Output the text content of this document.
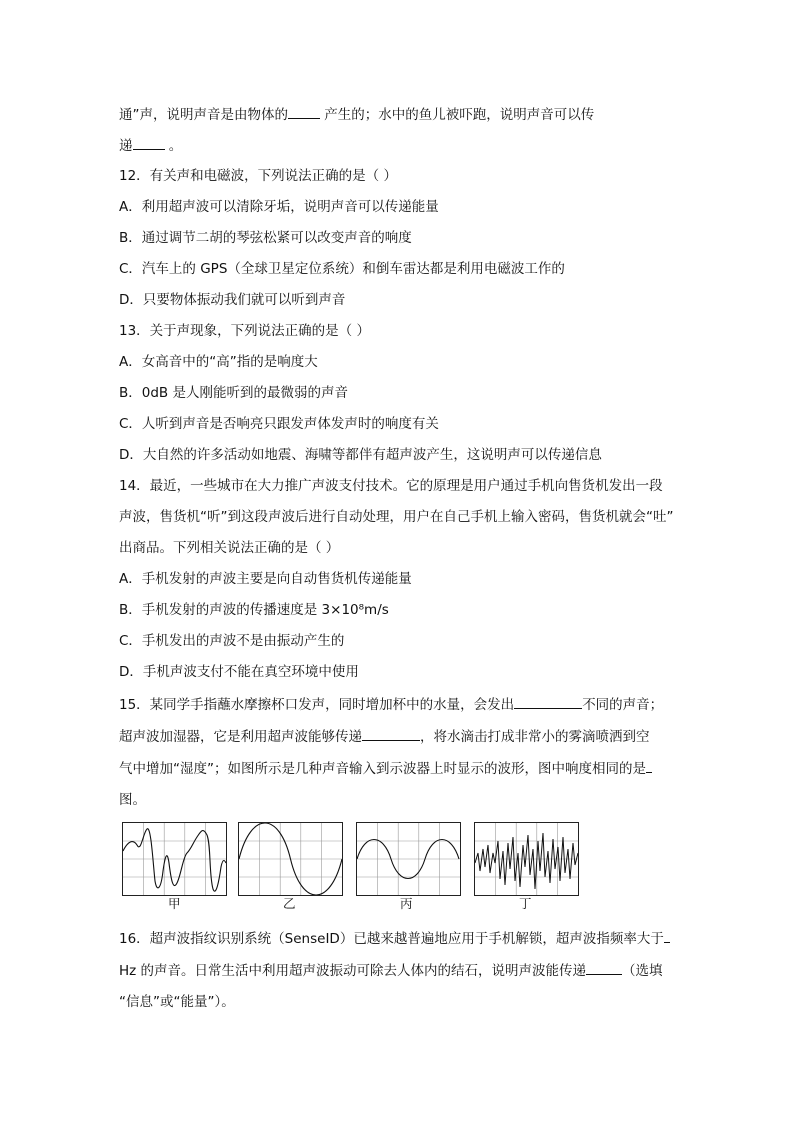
通”声，说明声音是由物体的 产生的；水中的鱼儿被吓跑，说明声音可以传
递 。
12．有关声和电磁波，下列说法正确的是（ ）
A．利用超声波可以清除牙垢，说明声音可以传递能量
B．通过调节二胡的琴弦松紧可以改变声音的响度
C．汽车上的 GPS（全球卫星定位系统）和倒车雷达都是利用电磁波工作的
D．只要物体振动我们就可以听到声音
13．关于声现象，下列说法正确的是（ ）
A．女高音中的“高”指的是响度大
B．0dB 是人刚能听到的最微弱的声音
C．人听到声音是否响亮只跟发声体发声时的响度有关
D．大自然的许多活动如地震、海啸等都伴有超声波产生，这说明声可以传递信息
14．最近，一些城市在大力推广声波支付技术。它的原理是用户通过手机向售货机发出一段
声波，售货机“听”到这段声波后进行自动处理，用户在自己手机上输入密码，售货机就会“吐”
出商品。下列相关说法正确的是（ ）
A．手机发射的声波主要是向自动售货机传递能量
B．手机发射的声波的传播速度是 3×10⁸m/s
C．手机发出的声波不是由振动产生的
D．手机声波支付不能在真空环境中使用
15．某同学手指蘸水摩擦杯口发声，同时增加杯中的水量，会发出	不同的声音；
超声波加湿器，它是利用超声波能够传递	，将水滴击打成非常小的雾滴喷洒到空
气中增加“湿度”；如图所示是几种声音输入到示波器上时显示的波形，图中响度相同的是
图。
甲	乙	丙	丁
16．超声波指纹识别系统（SenseID）已越来越普遍地应用于手机解锁，超声波指频率大于
Hz 的声音。日常生活中利用超声波振动可除去人体内的结石，说明声波能传递	（选填
“信息”或“能量”）。
